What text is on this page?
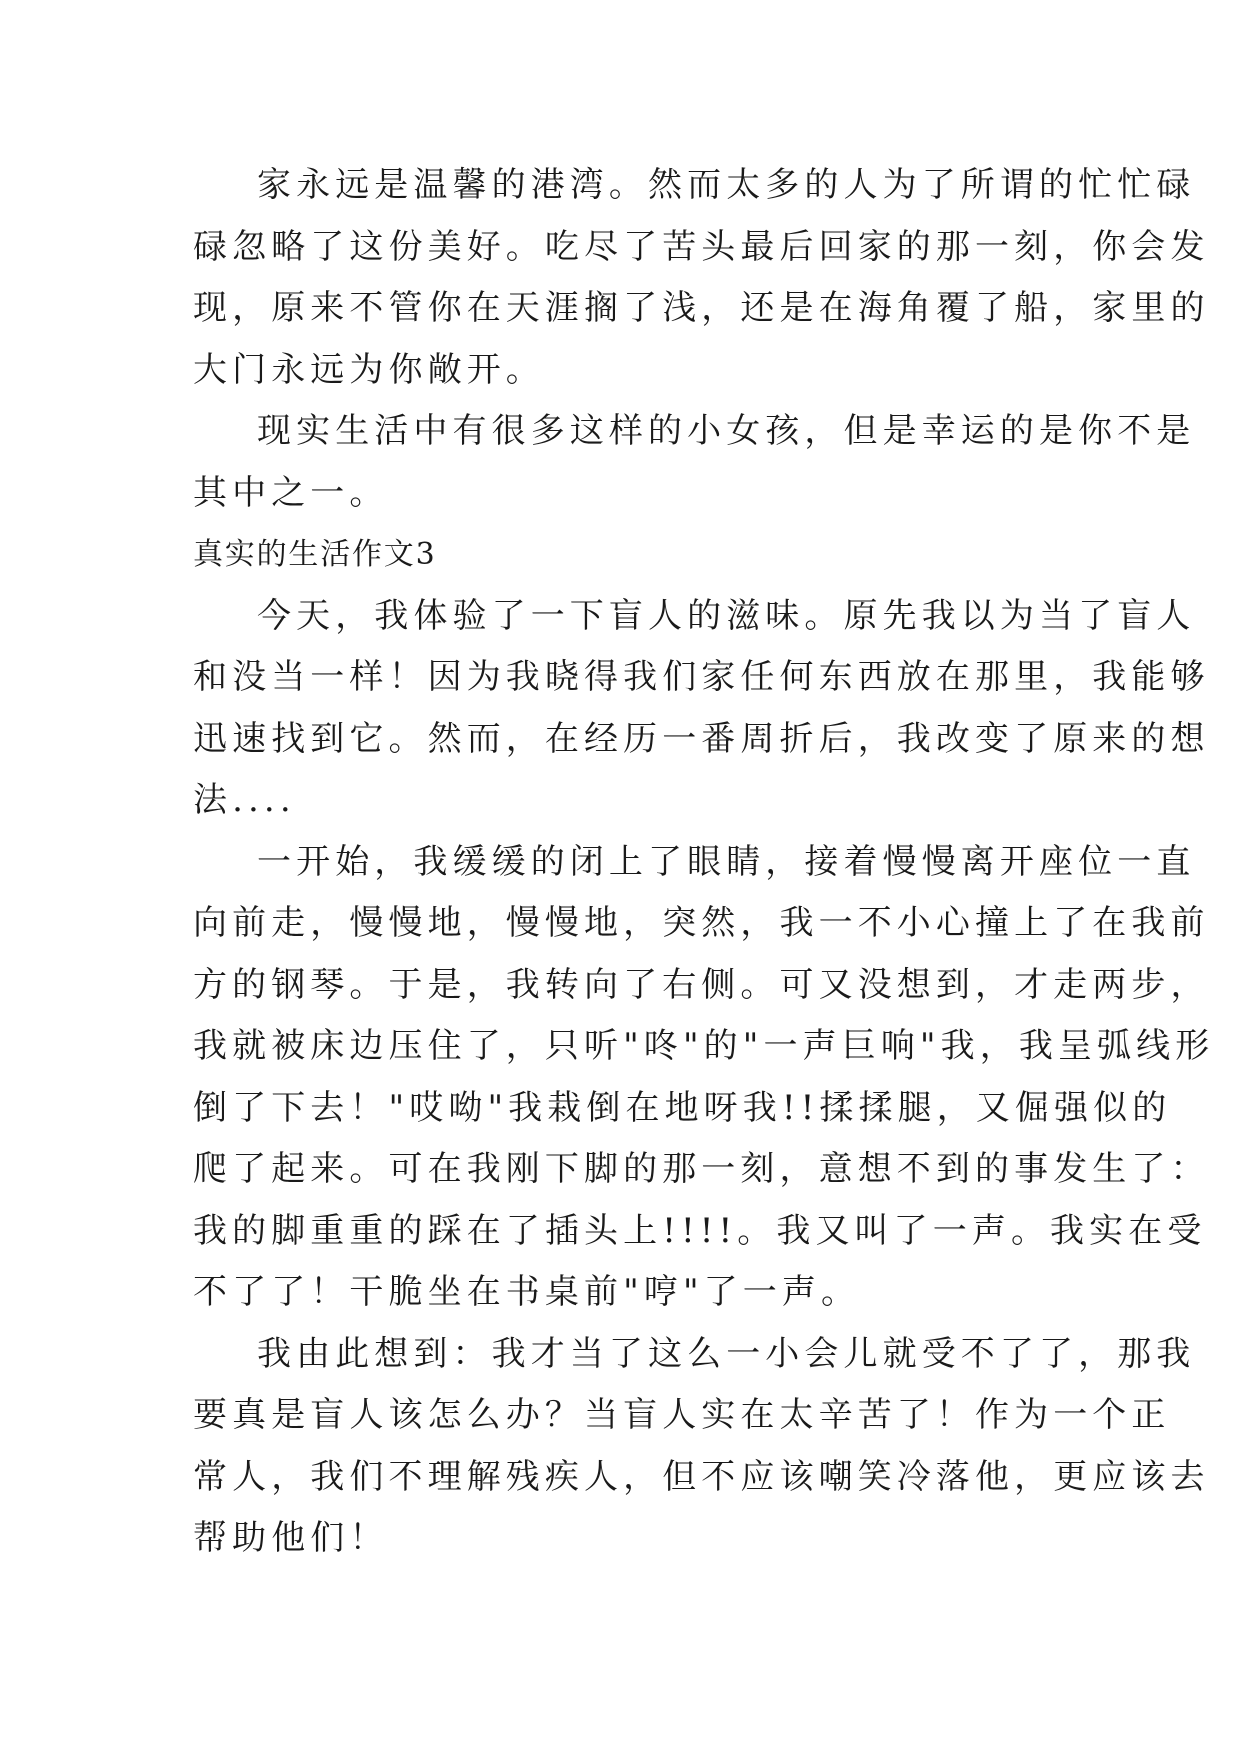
家永远是温馨的港湾。然而太多的人为了所谓的忙忙碌
碌忽略了这份美好。吃尽了苦头最后回家的那一刻，你会发
现，原来不管你在天涯搁了浅，还是在海角覆了船，家里的
大门永远为你敞开。
现实生活中有很多这样的小女孩，但是幸运的是你不是
其中之一。
真实的生活作文3
今天，我体验了一下盲人的滋味。原先我以为当了盲人
和没当一样！因为我晓得我们家任何东西放在那里，我能够
迅速找到它。然而，在经历一番周折后，我改变了原来的想
法....
一开始，我缓缓的闭上了眼睛，接着慢慢离开座位一直
向前走，慢慢地，慢慢地，突然，我一不小心撞上了在我前
方的钢琴。于是，我转向了右侧。可又没想到，才走两步，
我就被床边压住了，只听"咚"的"一声巨响"我，我呈弧线形
倒了下去！"哎呦"我栽倒在地呀我!!揉揉腿，又倔强似的
爬了起来。可在我刚下脚的那一刻，意想不到的事发生了：
我的脚重重的踩在了插头上!!!!。我又叫了一声。我实在受
不了了！干脆坐在书桌前"哼"了一声。
我由此想到：我才当了这么一小会儿就受不了了，那我
要真是盲人该怎么办？当盲人实在太辛苦了！作为一个正
常人，我们不理解残疾人，但不应该嘲笑冷落他，更应该去
帮助他们！
